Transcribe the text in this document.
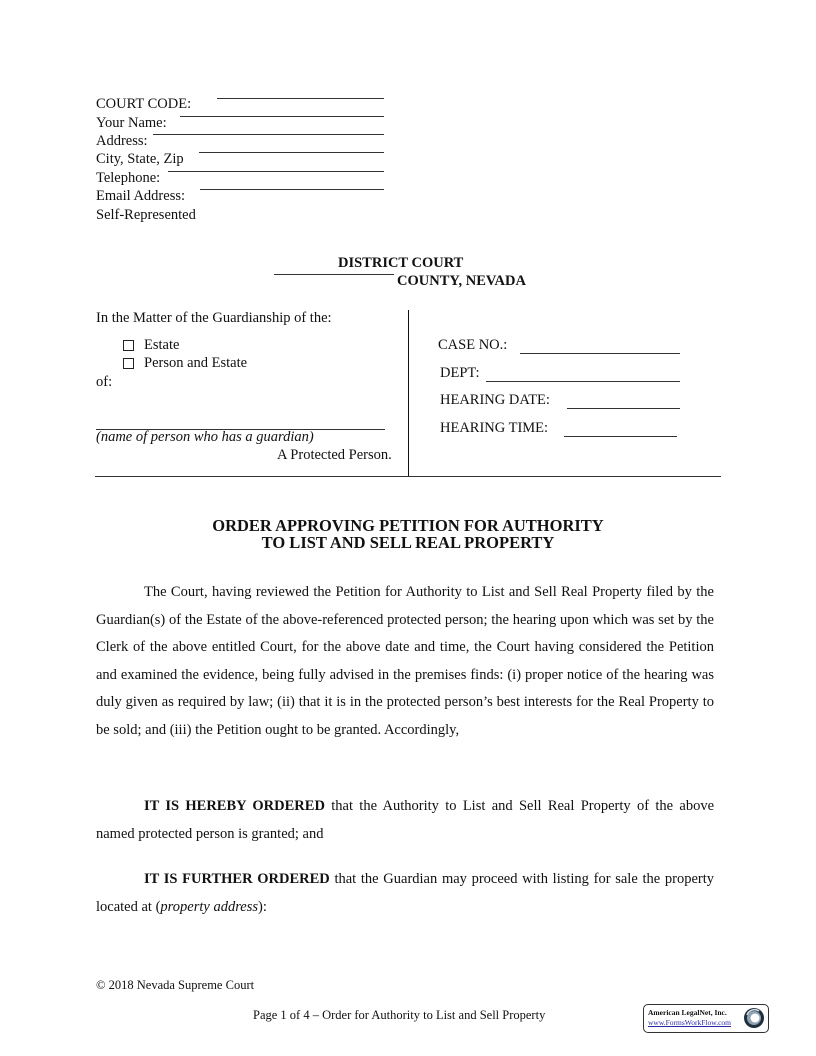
COURT CODE:
Your Name:
Address:
City, State, Zip
Telephone:
Email Address:
Self-Represented
DISTRICT COURT
COUNTY, NEVADA
In the Matter of the Guardianship of the:
Estate
Person and Estate
of:
(name of person who has a guardian)
A Protected Person.
CASE NO.:
DEPT:
HEARING DATE:
HEARING TIME:
ORDER APPROVING PETITION FOR AUTHORITY
TO LIST AND SELL REAL PROPERTY
The Court, having reviewed the Petition for Authority to List and Sell Real Property filed by the Guardian(s) of the Estate of the above-referenced protected person; the hearing upon which was set by the Clerk of the above entitled Court, for the above date and time, the Court having considered the Petition and examined the evidence, being fully advised in the premises finds: (i) proper notice of the hearing was duly given as required by law; (ii) that it is in the protected person’s best interests for the Real Property to be sold; and (iii) the Petition ought to be granted. Accordingly,
IT IS HEREBY ORDERED that the Authority to List and Sell Real Property of the above named protected person is granted; and
IT IS FURTHER ORDERED that the Guardian may proceed with listing for sale the property located at (property address):
© 2018 Nevada Supreme Court
Page 1 of 4 – Order for Authority to List and Sell Property	American LegalNet, Inc.
www.FormsWorkFlow.com
